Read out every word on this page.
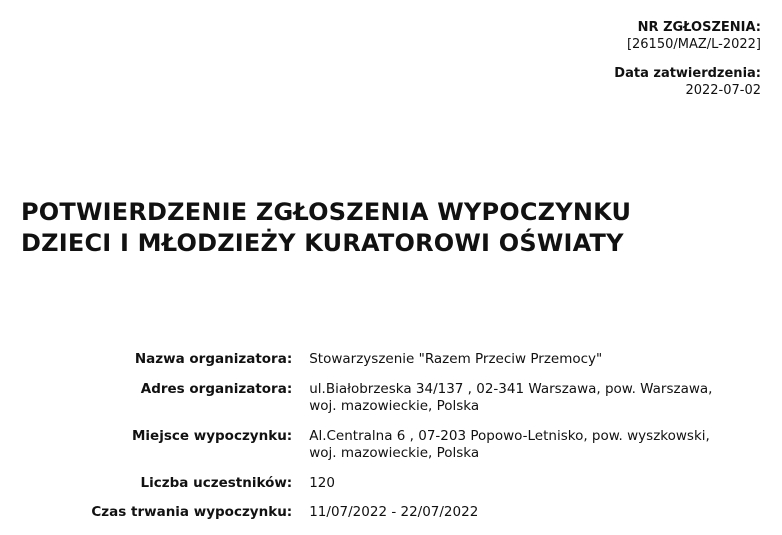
NR ZGŁOSZENIA:
[26150/MAZ/L-2022]
Data zatwierdzenia:
2022-07-02
POTWIERDZENIE ZGŁOSZENIA WYPOCZYNKU
DZIECI I MŁODZIEŻY KURATOROWI OŚWIATY
Nazwa organizatora:	Stowarzyszenie "Razem Przeciw Przemocy"
Adres organizatora:	ul.Białobrzeska 34/137 , 02-341 Warszawa, pow. Warszawa,
woj. mazowieckie, Polska
Miejsce wypoczynku:	Al.Centralna 6 , 07-203 Popowo-Letnisko, pow. wyszkowski,
woj. mazowieckie, Polska
Liczba uczestników:	120
Czas trwania wypoczynku:	11/07/2022 - 22/07/2022
